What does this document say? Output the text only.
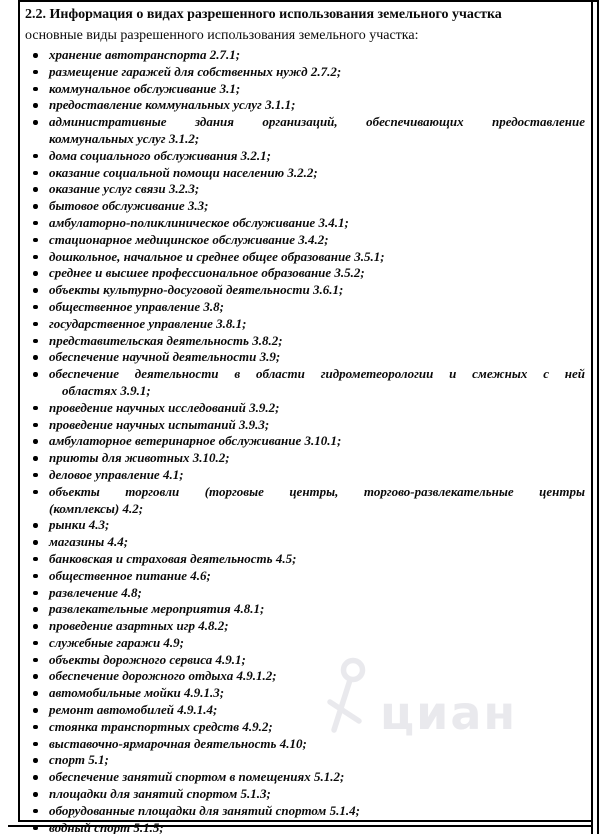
циан
2.2. Информация о видах разрешенного использования земельного участка
основные виды разрешенного использования земельного участка:
хранение автотранспорта 2.7.1;
размещение гаражей для собственных нужд 2.7.2;
коммунальное обслуживание 3.1;
предоставление коммунальных услуг 3.1.1;
административные здания организаций, обеспечивающих предоставление
коммунальных услуг 3.1.2;
дома социального обслуживания 3.2.1;
оказание социальной помощи населению 3.2.2;
оказание услуг связи 3.2.3;
бытовое обслуживание 3.3;
амбулаторно-поликлиническое обслуживание 3.4.1;
стационарное медицинское обслуживание 3.4.2;
дошкольное, начальное и среднее общее образование 3.5.1;
среднее и высшее профессиональное образование 3.5.2;
объекты культурно-досуговой деятельности 3.6.1;
общественное управление 3.8;
государственное управление 3.8.1;
представительская деятельность 3.8.2;
обеспечение научной деятельности 3.9;
обеспечение деятельности в области гидрометеорологии и смежных с ней
областях 3.9.1;
проведение научных исследований 3.9.2;
проведение научных испытаний 3.9.3;
амбулаторное ветеринарное обслуживание 3.10.1;
приюты для животных 3.10.2;
деловое управление 4.1;
объекты торговли (торговые центры, торгово-развлекательные центры
(комплексы) 4.2;
рынки 4.3;
магазины 4.4;
банковская и страховая деятельность 4.5;
общественное питание 4.6;
развлечение 4.8;
развлекательные мероприятия 4.8.1;
проведение азартных игр 4.8.2;
служебные гаражи 4.9;
объекты дорожного сервиса 4.9.1;
обеспечение дорожного отдыха 4.9.1.2;
автомобильные мойки 4.9.1.3;
ремонт автомобилей 4.9.1.4;
стоянка транспортных средств 4.9.2;
выставочно-ярмарочная деятельность 4.10;
спорт 5.1;
обеспечение занятий спортом в помещениях 5.1.2;
площадки для занятий спортом 5.1.3;
оборудованные площадки для занятий спортом 5.1.4;
водный спорт 5.1.5;
